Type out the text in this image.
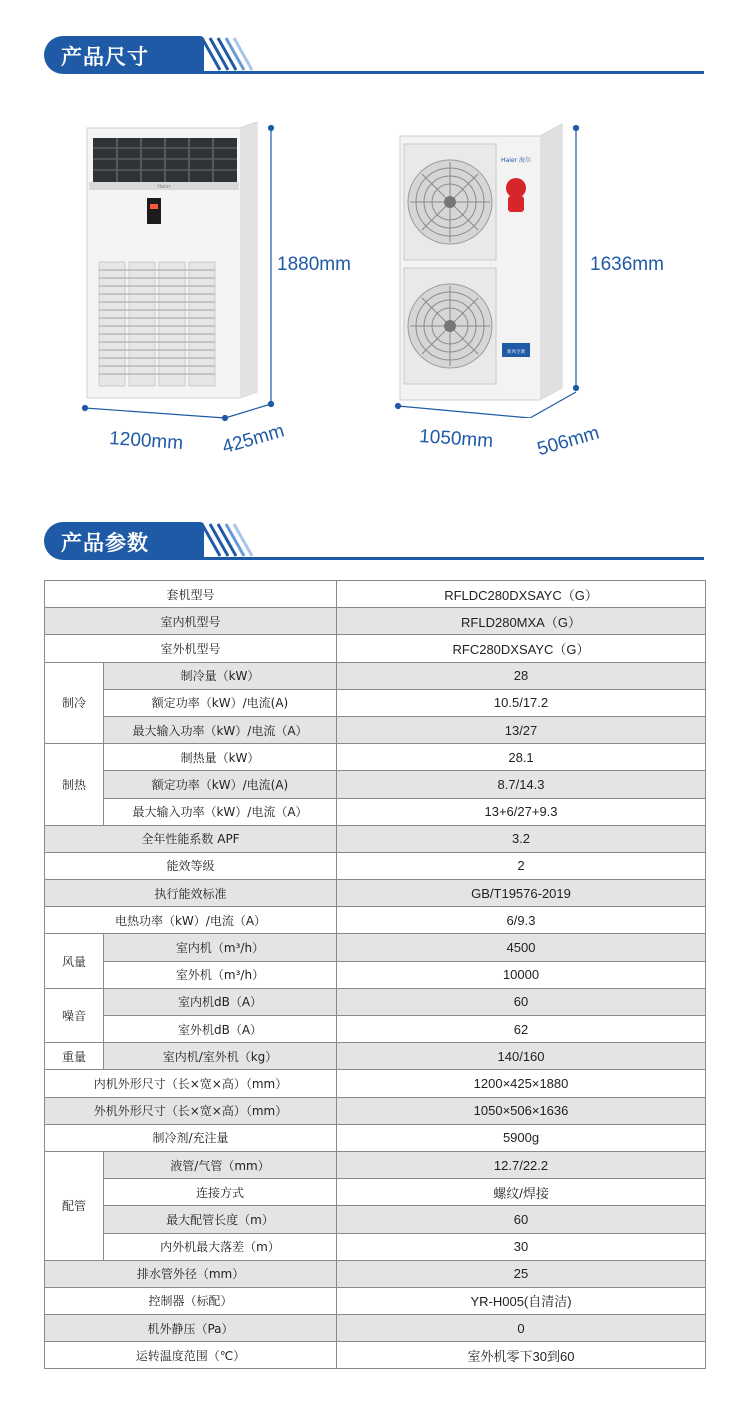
产品尺寸
Haier
1880mm
1200mm 425mm
Haier 海尔
新风空调
1636mm
1050mm 506mm
产品参数
套机型号		RFLDC280DXSAYC（G）
室内机型号		RFLD280MXA（G）
室外机型号		RFC280DXSAYC（G）
制冷	制冷量（kW）	28
	额定功率（kW）/电流(A)	10.5/17.2
	最大输入功率（kW）/电流（A）	13/27
制热	制热量（kW）	28.1
	额定功率（kW）/电流(A)	8.7/14.3
	最大输入功率（kW）/电流（A）	13+6/27+9.3
全年性能系数 APF		3.2
能效等级		2
执行能效标准		GB/T19576-2019
电热功率（kW）/电流（A）		6/9.3
风量	室内机（m³/h）	4500
	室外机（m³/h）	10000
噪音	室内机dB（A）	60
	室外机dB（A）	62
重量	室内机/室外机（kg）	140/160
内机外形尺寸（长×宽×高）（mm）		1200×425×1880
外机外形尺寸（长×宽×高）（mm）		1050×506×1636
制冷剂/充注量		5900g
配管	液管/气管（mm）	12.7/22.2
	连接方式	螺纹/焊接
	最大配管长度（m）	60
	内外机最大落差（m）	30
排水管外径（mm）		25
控制器（标配）		YR-H005(自清洁)
机外静压（Pa）		0
运转温度范围（℃）		室外机零下30到60
